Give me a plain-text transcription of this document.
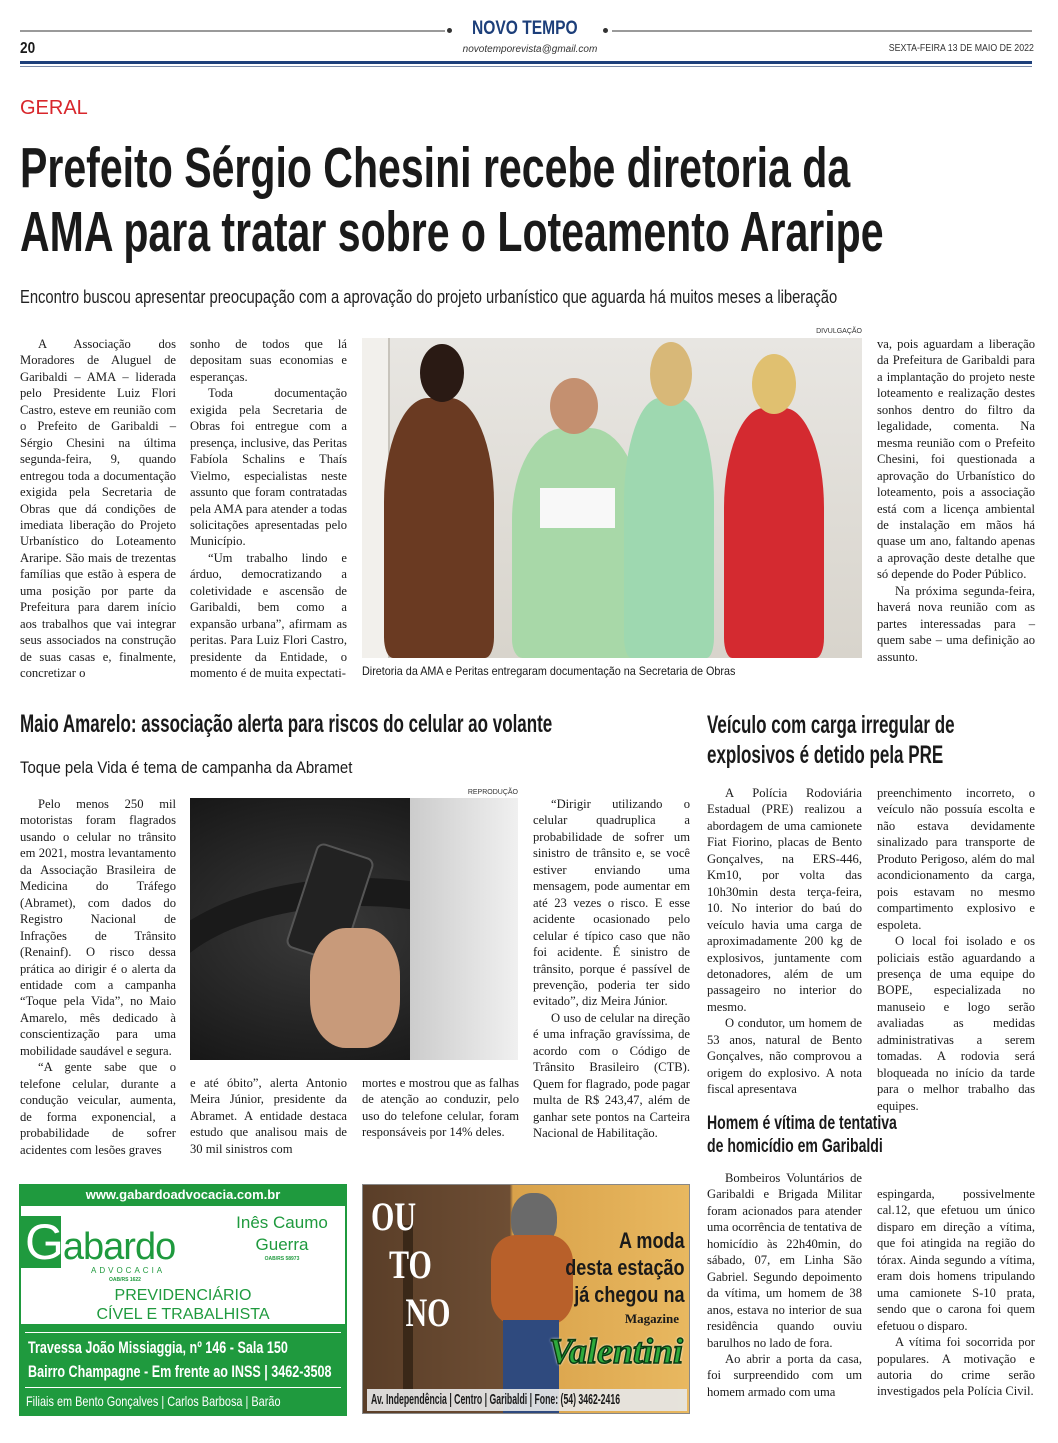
NOVO TEMPO
20	novotemporevista@gmail.com	SEXTA-FEIRA 13 DE MAIO DE 2022
GERAL
Prefeito Sérgio Chesini recebe diretoria da
AMA para tratar sobre o Loteamento Araripe
Encontro buscou apresentar preocupação com a aprovação do projeto urbanístico que aguarda há muitos meses a liberação

A Associação dos Moradores de Aluguel de Garibaldi – AMA – liderada pelo Presidente Luiz Flori Castro, esteve em reunião com o Prefeito de Garibaldi – Sérgio Chesini na última segunda-feira, 9, quando entregou toda a documentação exigida pela Secretaria de Obras que dá condições de imediata liberação do Projeto Urbanístico do Loteamento Araripe. São mais de trezentas famílias que estão à espera de uma posição por parte da Prefeitura para darem início aos trabalhos que vai integrar seus associados na construção de suas casas e, finalmente, concretizar o

sonho de todos que lá depositam suas economias e esperanças.

Toda documentação exigida pela Secretaria de Obras foi entregue com a presença, inclusive, das Peritas Fabíola Schalins e Thaís Vielmo, especialistas neste assunto que foram contratadas pela AMA para atender a todas solicitações apresentadas pelo Município.

“Um trabalho lindo e árduo, democratizando a coletividade e ascensão de Garibaldi, bem como a expansão urbana”, afirmam as peritas. Para Luiz Flori Castro, presidente da Entidade, o momento é de muita expectati-

DIVULGAÇÃO
Diretoria da AMA e Peritas entregaram documentação na Secretaria de Obras

va, pois aguardam a liberação da Prefeitura de Garibaldi para a implantação do projeto neste loteamento e realização destes sonhos dentro do filtro da legalidade, comenta. Na mesma reunião com o Prefeito Chesini, foi questionada a aprovação do Urbanístico do loteamento, pois a associação está com a licença ambiental de instalação em mãos há quase um ano, faltando apenas a aprovação deste detalhe que só depende do Poder Público.

Na próxima segunda-feira, haverá nova reunião com as partes interessadas para – quem sabe – uma definição ao assunto.

Maio Amarelo: associação alerta para riscos do celular ao volante
Toque pela Vida é tema de campanha da Abramet

Pelo menos 250 mil motoristas foram flagrados usando o celular no trânsito em 2021, mostra levantamento da Associação Brasileira de Medicina do Tráfego (Abramet), com dados do Registro Nacional de Infrações de Trânsito (Renainf). O risco dessa prática ao dirigir é o alerta da entidade com a campanha “Toque pela Vida”, no Maio Amarelo, mês dedicado à conscientização para uma mobilidade saudável e segura.

“A gente sabe que o telefone celular, durante a condução veicular, aumenta, de forma exponencial, a probabilidade de sofrer acidentes com lesões graves

REPRODUÇÃO

e até óbito”, alerta Antonio Meira Júnior, presidente da Abramet. A entidade destaca estudo que analisou mais de 30 mil sinistros com

mortes e mostrou que as falhas de atenção ao conduzir, pelo uso do telefone celular, foram responsáveis por 14% deles.

“Dirigir utilizando o celular quadruplica a probabilidade de sofrer um sinistro de trânsito e, se você estiver enviando uma mensagem, pode aumentar em até 23 vezes o risco. E esse acidente ocasionado pelo celular é típico caso que não foi acidente. É sinistro de trânsito, porque é passível de prevenção, poderia ter sido evitado”, diz Meira Júnior.

O uso de celular na direção é uma infração gravíssima, de acordo com o Código de Trânsito Brasileiro (CTB). Quem for flagrado, pode pagar multa de R$ 243,47, além de ganhar sete pontos na Carteira Nacional de Habilitação.

Veículo com carga irregular de
explosivos é detido pela PRE

A Polícia Rodoviária Estadual (PRE) realizou a abordagem de uma camionete Fiat Fiorino, placas de Bento Gonçalves, na ERS-446, Km10, por volta das 10h30min desta terça-feira, 10. No interior do baú do veículo havia uma carga de aproximadamente 200 kg de explosivos, juntamente com detonadores, além de um passageiro no interior do mesmo.

O condutor, um homem de 53 anos, natural de Bento Gonçalves, não comprovou a origem do explosivo. A nota fiscal apresentava

preenchimento incorreto, o veículo não possuía escolta e não estava devidamente sinalizado para transporte de Produto Perigoso, além do mal acondicionamento da carga, pois estavam no mesmo compartimento explosivo e espoleta.

O local foi isolado e os policiais estão aguardando a presença de uma equipe do BOPE, especializada no manuseio e logo serão avaliadas as medidas administrativas a serem tomadas. A rodovia será bloqueada no início da tarde para o melhor trabalho das equipes.

Homem é vítima de tentativa
de homicídio em Garibaldi

Bombeiros Voluntários de Garibaldi e Brigada Militar foram acionados para atender uma ocorrência de tentativa de homicídio às 22h40min, do sábado, 07, em Linha São Gabriel. Segundo depoimento da vítima, um homem de 38 anos, estava no interior de sua residência quando ouviu barulhos no lado de fora.

Ao abrir a porta da casa, foi surpreendido com um homem armado com uma

espingarda, possivelmente cal.12, que efetuou um único disparo em direção a vítima, que foi atingida na região do tórax. Ainda segundo a vítima, eram dois homens tripulando uma camionete S-10 prata, sendo que o carona foi quem efetuou o disparo.

A vítima foi socorrida por populares. A motivação e autoria do crime serão investigados pela Polícia Civil.

www.gabardoadvocacia.com.br
Gabardo
ADVOCACIA
OAB/RS 1622
Inês Caumo
Guerra
OAB/RS 58973
PREVIDENCIÁRIO
CÍVEL E TRABALHISTA
Travessa João Missiaggia, nº 146 - Sala 150
Bairro Champagne - Em frente ao INSS | 3462-3508
Filiais em Bento Gonçalves | Carlos Barbosa | Barão
OU
TO
NO
A moda
desta estação
já chegou na
Magazine
Valentini
Av. Independência | Centro | Garibaldi | Fone: (54) 3462-2416
